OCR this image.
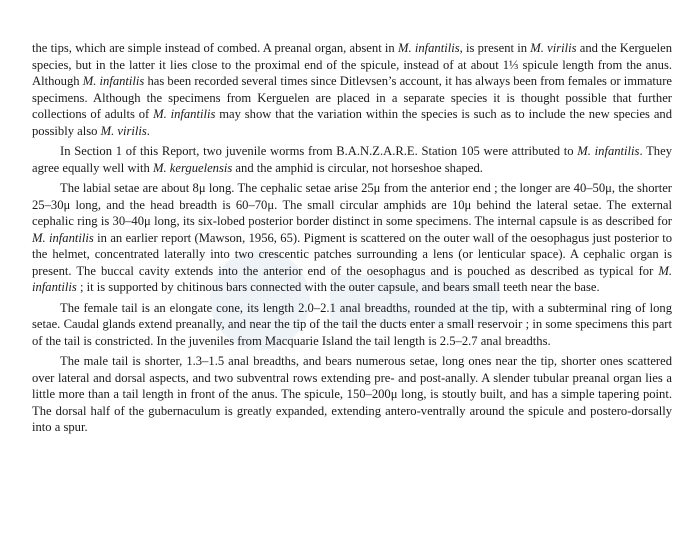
the tips, which are simple instead of combed. A preanal organ, absent in M. infantilis, is present in M. virilis and the Kerguelen species, but in the latter it lies close to the proximal end of the spicule, instead of at about 1⅓ spicule length from the anus. Although M. infantilis has been recorded several times since Ditlevsen’s account, it has always been from females or immature specimens. Although the specimens from Kerguelen are placed in a separate species it is thought possible that further collections of adults of M. infantilis may show that the variation within the species is such as to include the new species and possibly also M. virilis.

In Section 1 of this Report, two juvenile worms from B.A.N.Z.A.R.E. Station 105 were attributed to M. infantilis. They agree equally well with M. kerguelensis and the amphid is circular, not horseshoe shaped.

The labial setae are about 8μ long. The cephalic setae arise 25μ from the anterior end ; the longer are 40–50μ, the shorter 25–30μ long, and the head breadth is 60–70μ. The small circular amphids are 10μ behind the lateral setae. The external cephalic ring is 30–40μ long, its six-lobed posterior border distinct in some specimens. The internal capsule is as described for M. infantilis in an earlier report (Mawson, 1956, 65). Pigment is scattered on the outer wall of the oesophagus just posterior to the helmet, concentrated laterally into two crescentic patches surrounding a lens (or lenticular space). A cephalic organ is present. The buccal cavity extends into the anterior end of the oesophagus and is pouched as described as typical for M. infantilis ; it is supported by chitinous bars connected with the outer capsule, and bears small teeth near the base.

The female tail is an elongate cone, its length 2.0–2.1 anal breadths, rounded at the tip, with a subterminal ring of long setae. Caudal glands extend preanally, and near the tip of the tail the ducts enter a small reservoir ; in some specimens this part of the tail is constricted. In the juveniles from Macquarie Island the tail length is 2.5–2.7 anal breadths.

The male tail is shorter, 1.3–1.5 anal breadths, and bears numerous setae, long ones near the tip, shorter ones scattered over lateral and dorsal aspects, and two subventral rows extending pre- and post-anally. A slender tubular preanal organ lies a little more than a tail length in front of the anus. The spicule, 150–200μ long, is stoutly built, and has a simple tapering point. The dorsal half of the gubernaculum is greatly expanded, extending antero-ventrally around the spicule and postero-dorsally into a spur.
